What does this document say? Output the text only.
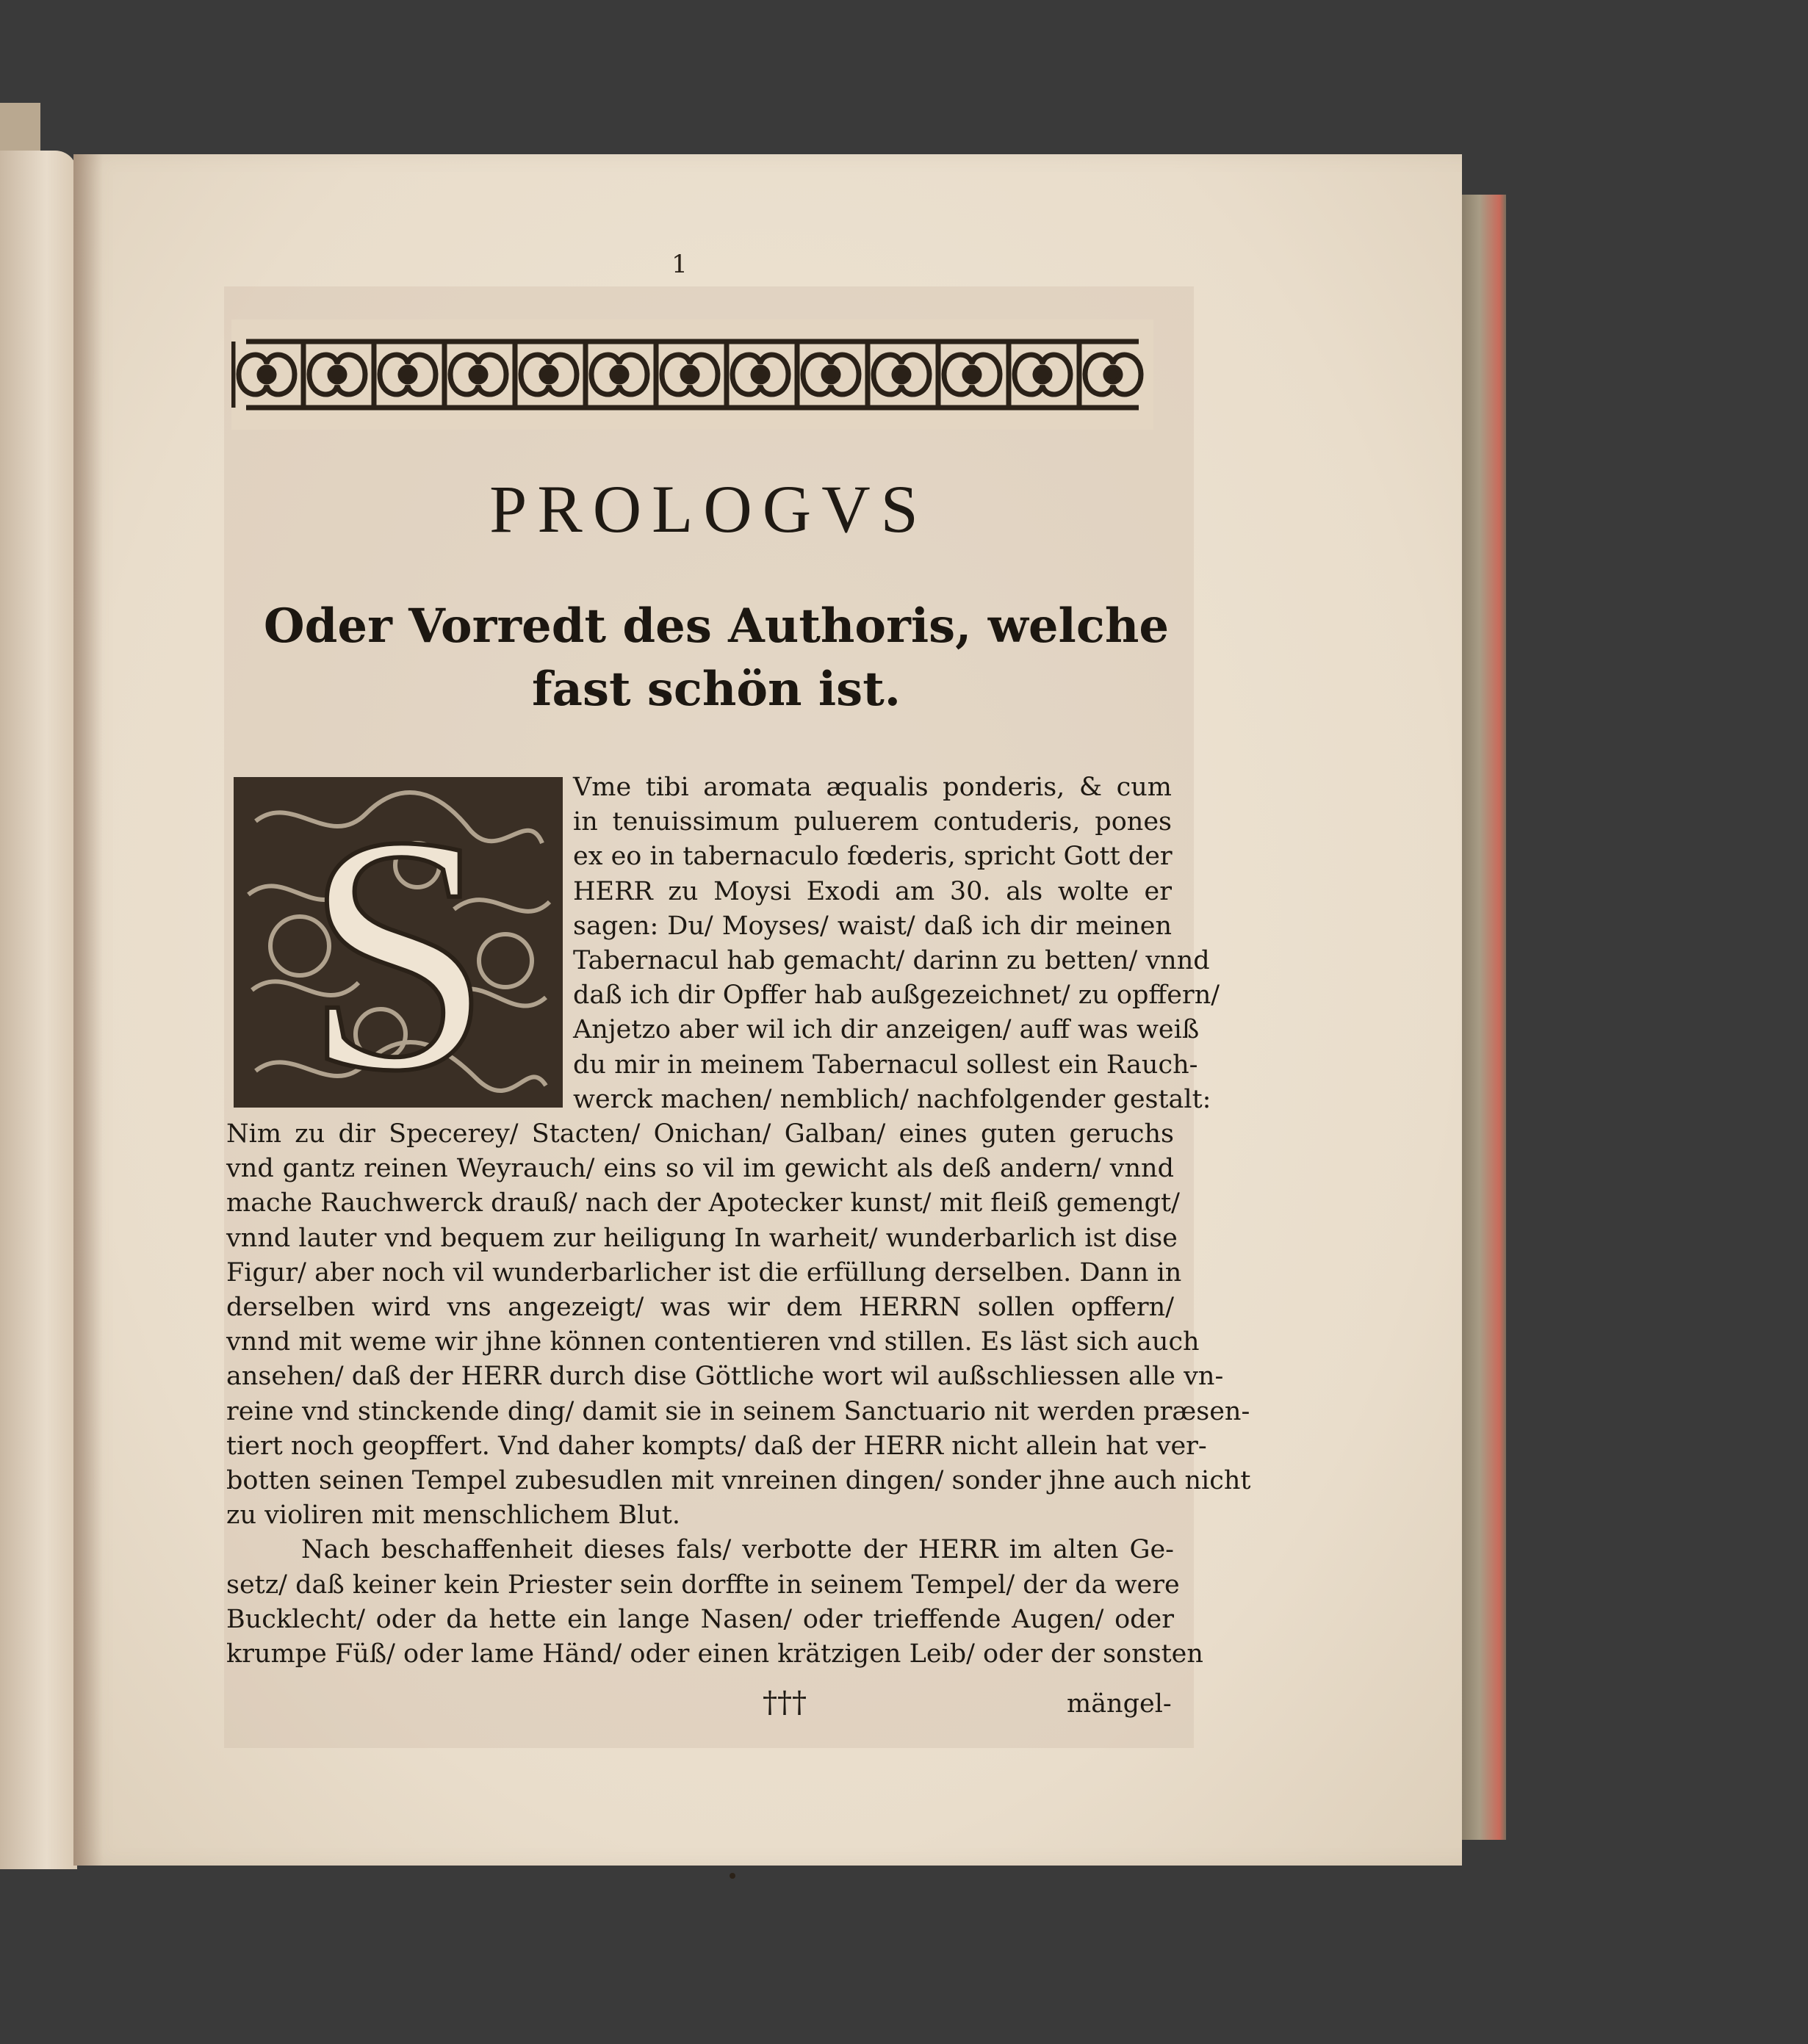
1
PROLOGVS
Oder Vorredt des Authoris, welche
fast schön ist.
S	Vme tibi aromata æqualis ponderis, & cum
in tenuissimum puluerem contuderis, pones
ex eo in tabernaculo fœderis, spricht Gott der
HERR zu Moysi Exodi am 30. als wolte er
sagen: Du/ Moyses/ waist/ daß ich dir meinen
Tabernacul hab gemacht/ darinn zu betten/ vnnd
daß ich dir Opffer hab außgezeichnet/ zu opffern/
Anjetzo aber wil ich dir anzeigen/ auff was weiß
du mir in meinem Tabernacul sollest ein Rauch-
werck machen/ nemblich/ nachfolgender gestalt:
Nim zu dir Specerey/ Stacten/ Onichan/ Galban/ eines guten geruchs
vnd gantz reinen Weyrauch/ eins so vil im gewicht als deß andern/ vnnd
mache Rauchwerck drauß/ nach der Apotecker kunst/ mit fleiß gemengt/
vnnd lauter vnd bequem zur heiligung In warheit/ wunderbarlich ist dise
Figur/ aber noch vil wunderbarlicher ist die erfüllung derselben. Dann in
derselben wird vns angezeigt/ was wir dem HERRN sollen opffern/
vnnd mit weme wir jhne können contentieren vnd stillen. Es läst sich auch
ansehen/ daß der HERR durch dise Göttliche wort wil außschliessen alle vn-
reine vnd stinckende ding/ damit sie in seinem Sanctuario nit werden præsen-
tiert noch geopffert. Vnd daher kompts/ daß der HERR nicht allein hat ver-
botten seinen Tempel zubesudlen mit vnreinen dingen/ sonder jhne auch nicht
zu violiren mit menschlichem Blut.
Nach beschaffenheit dieses fals/ verbotte der HERR im alten Ge-
setz/ daß keiner kein Priester sein dorffte in seinem Tempel/ der da were
Bucklecht/ oder da hette ein lange Nasen/ oder trieffende Augen/ oder
krumpe Füß/ oder lame Händ/ oder einen krätzigen Leib/ oder der sonsten
†††	mängel-
